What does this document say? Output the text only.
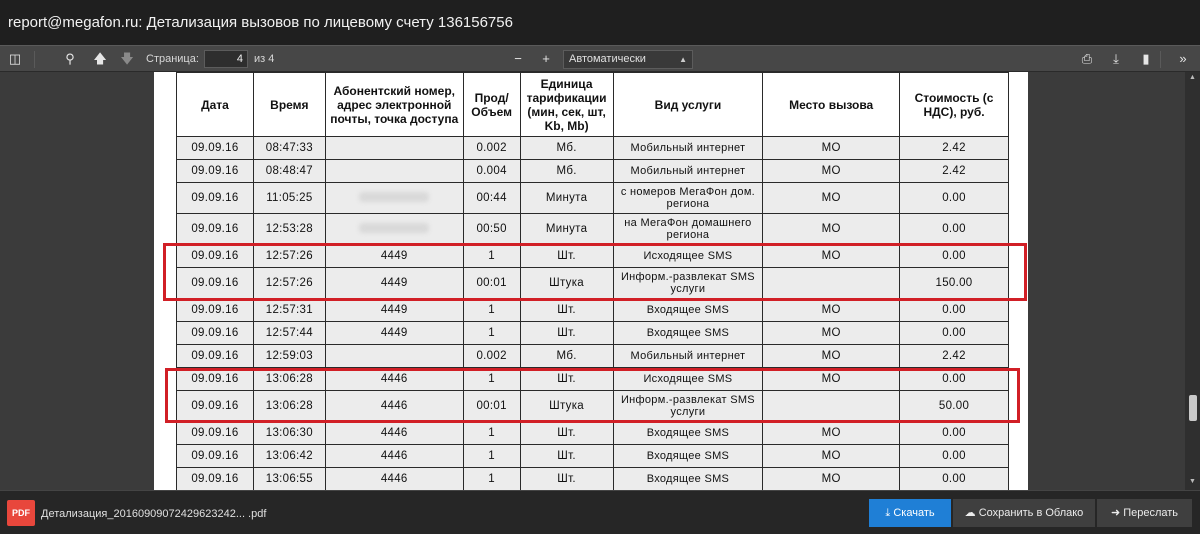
report@megafon.ru: Детализация вызовов по лицевому счету 136156756
◫	⚲	🡅 🡇 Страница:
4	из 4	−	+	Автоматически	▲	⎙	⤓	▮	»
Дата	Время	Абонентский номер, адрес электронной почты, точка доступа	Прод/ Объем	Единица тарификации (мин, сек, шт, Kb, Mb)	Вид услуги	Место вызова	Стоимость (с НДС), руб.
09.09.16	08:47:33		0.002	Мб.	Мобильный интернет	МО	2.42
09.09.16	08:48:47		0.004	Мб.	Мобильный интернет	МО	2.42
09.09.16	11:05:25		00:44	Минута	с номеров МегаФон дом. региона	МО	0.00
09.09.16	12:53:28		00:50	Минута	на МегаФон домашнего региона	МО	0.00
09.09.16	12:57:26	4449	1	Шт.	Исходящее SMS	МО	0.00
09.09.16	12:57:26	4449	00:01	Штука	Информ.-развлекат SMS услуги		150.00
09.09.16	12:57:31	4449	1	Шт.	Входящее SMS	МО	0.00
09.09.16	12:57:44	4449	1	Шт.	Входящее SMS	МО	0.00
09.09.16	12:59:03		0.002	Мб.	Мобильный интернет	МО	2.42
09.09.16	13:06:28	4446	1	Шт.	Исходящее SMS	МО	0.00
09.09.16	13:06:28	4446	00:01	Штука	Информ.-развлекат SMS услуги		50.00
09.09.16	13:06:30	4446	1	Шт.	Входящее SMS	МО	0.00
09.09.16	13:06:42	4446	1	Шт.	Входящее SMS	МО	0.00
09.09.16	13:06:55	4446	1	Шт.	Входящее SMS	МО	0.00
▲
▼
PDF	Детализация_2016090907242962324​2... .pdf	⤓ Скачать	☁ Сохранить в Облако	➜ Переслать
